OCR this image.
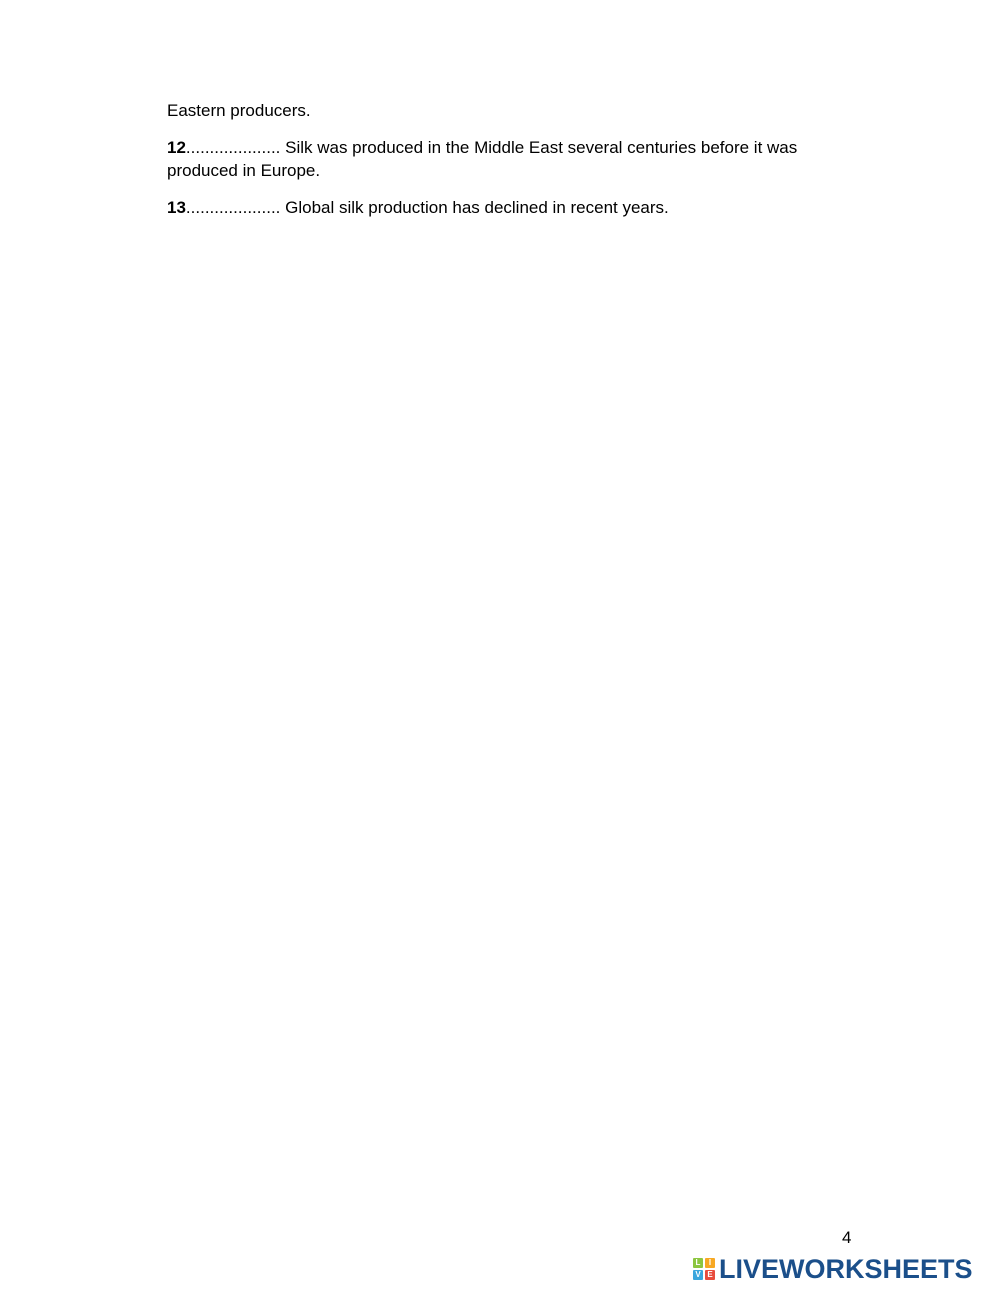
Eastern producers.

12.................... Silk was produced in the Middle East several centuries before it was produced in Europe.

13.................... Global silk production has declined in recent years.

4
L	I
V E LIVEWORKSHEETS
